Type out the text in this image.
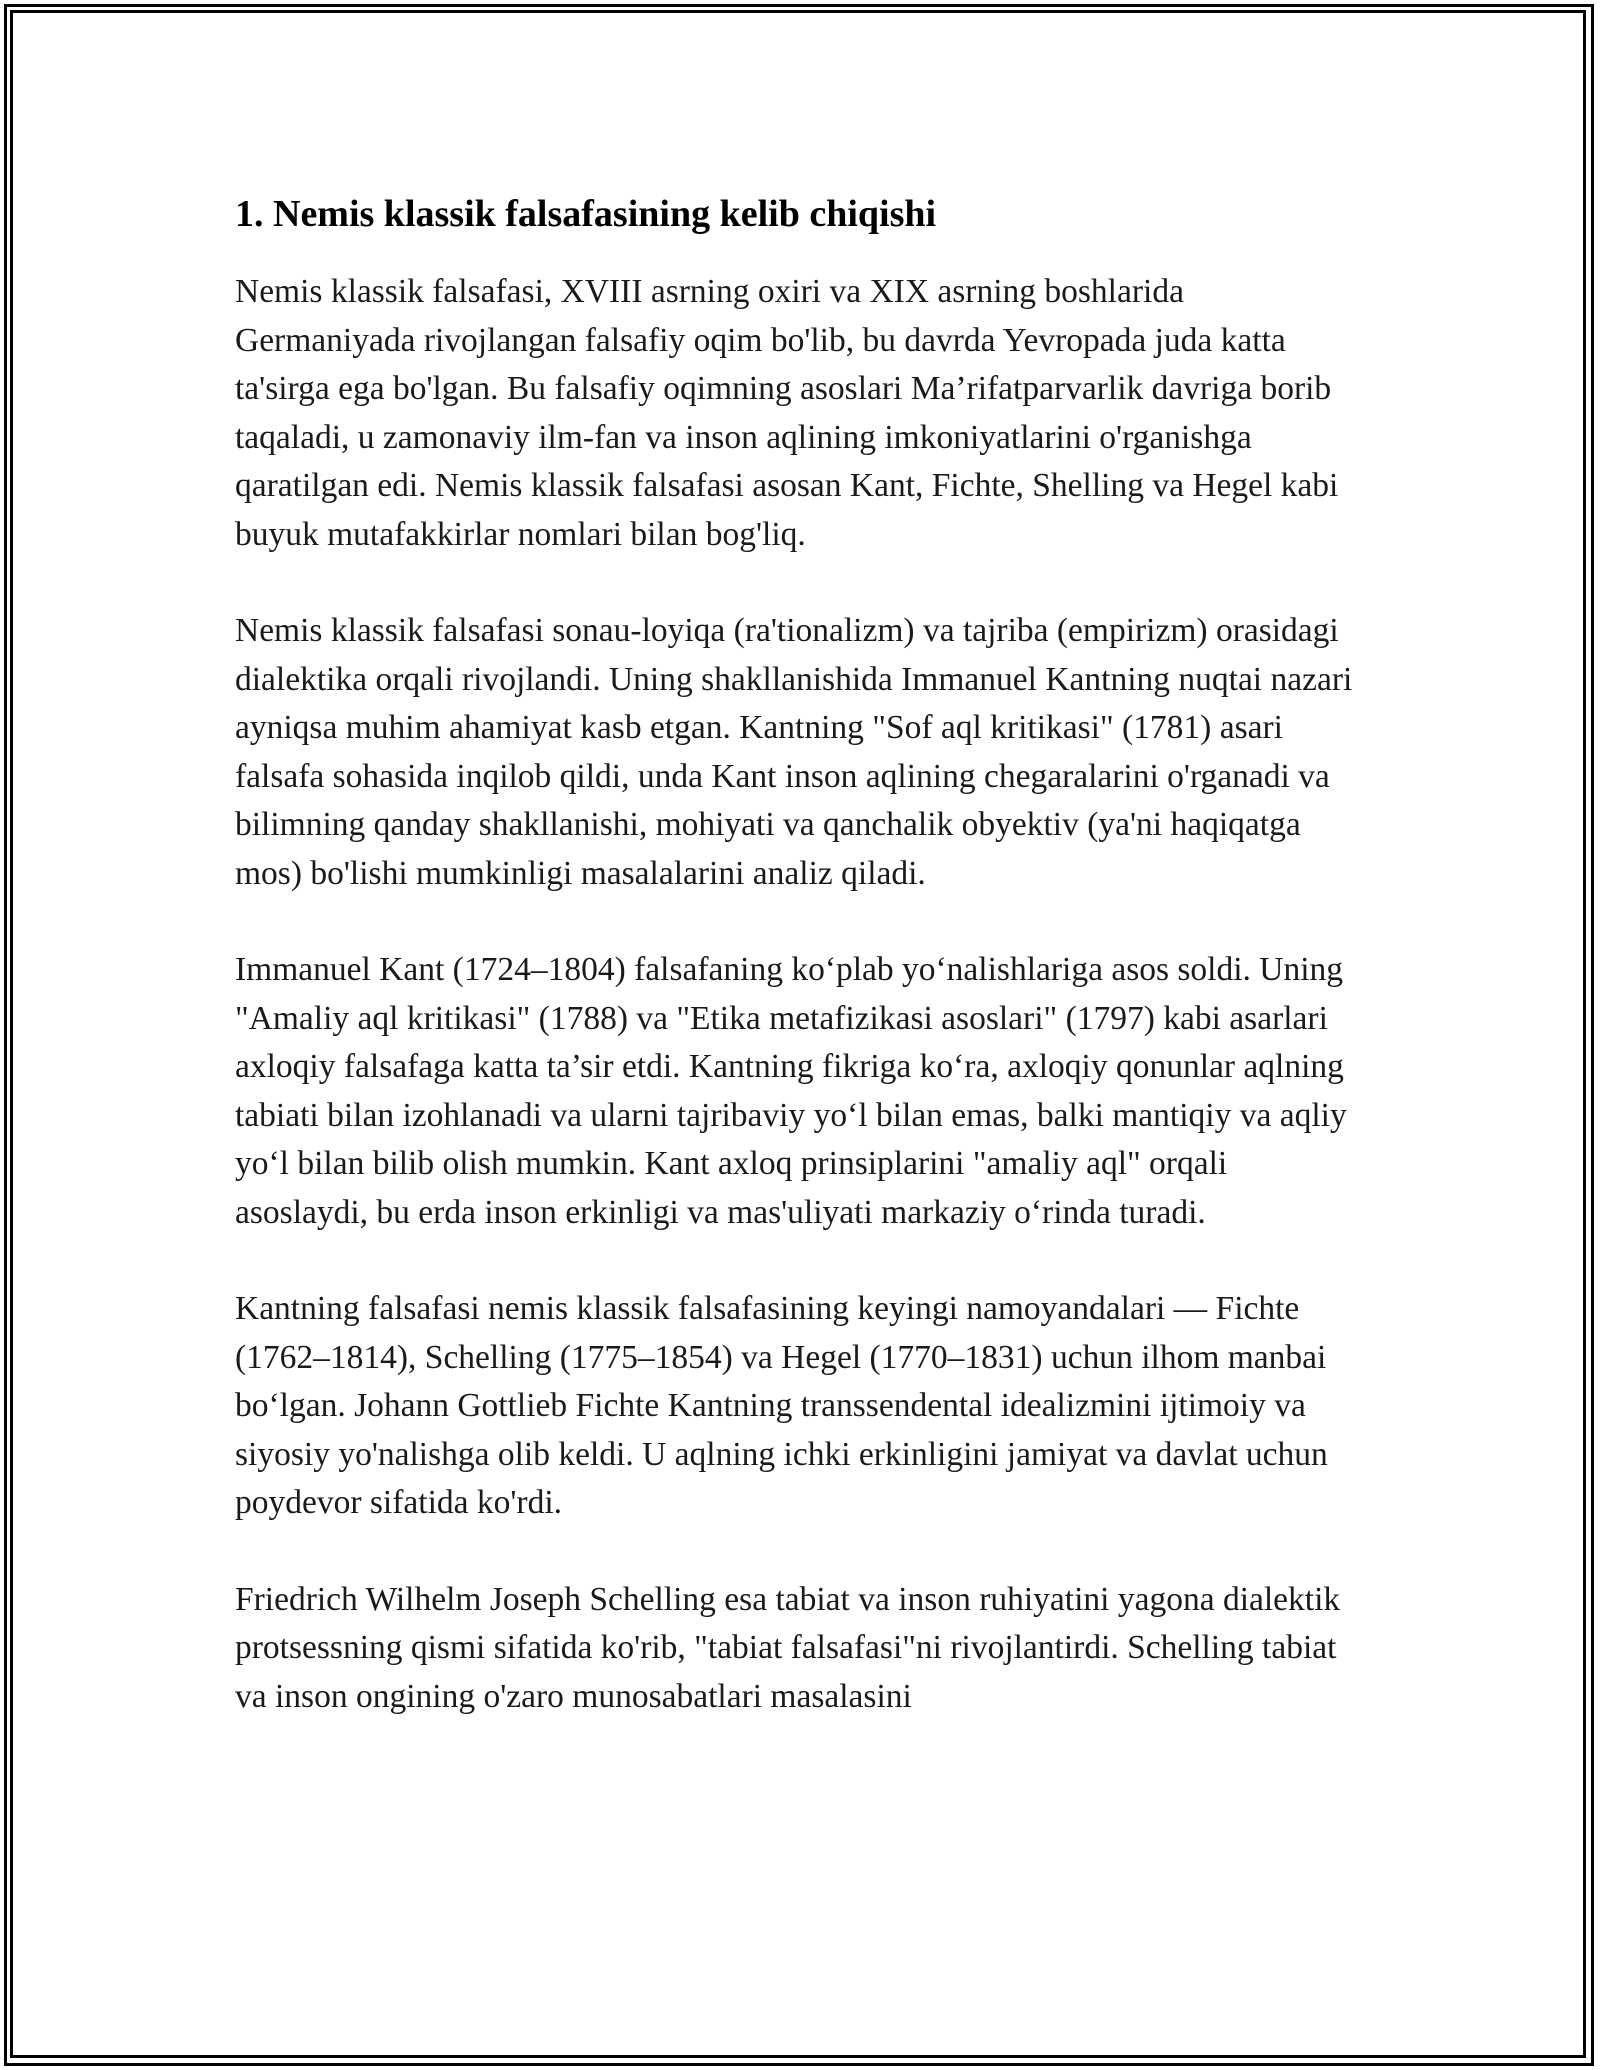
1. Nemis klassik falsafasining kelib chiqishi

Nemis klassik falsafasi, XVIII asrning oxiri va XIX asrning boshlarida Germaniyada rivojlangan falsafiy oqim bo'lib, bu davrda Yevropada juda katta ta'sirga ega bo'lgan. Bu falsafiy oqimning asoslari Ma’rifatparvarlik davriga borib taqaladi, u zamonaviy ilm-fan va inson aqlining imkoniyatlarini o'rganishga qaratilgan edi. Nemis klassik falsafasi asosan Kant, Fichte, Shelling va Hegel kabi buyuk mutafakkirlar nomlari bilan bog'liq.

Nemis klassik falsafasi sonau-loyiqa (ra'tionalizm) va tajriba (empirizm) orasidagi dialektika orqali rivojlandi. Uning shakllanishida Immanuel Kantning nuqtai nazari ayniqsa muhim ahamiyat kasb etgan. Kantning "Sof aql kritikasi" (1781) asari falsafa sohasida inqilob qildi, unda Kant inson aqlining chegaralarini o'rganadi va bilimning qanday shakllanishi, mohiyati va qanchalik obyektiv (ya'ni haqiqatga mos) bo'lishi mumkinligi masalalarini analiz qiladi.

Immanuel Kant (1724–1804) falsafaning ko‘plab yo‘nalishlariga asos soldi. Uning "Amaliy aql kritikasi" (1788) va "Etika metafizikasi asoslari" (1797) kabi asarlari axloqiy falsafaga katta ta’sir etdi. Kantning fikriga ko‘ra, axloqiy qonunlar aqlning tabiati bilan izohlanadi va ularni tajribaviy yo‘l bilan emas, balki mantiqiy va aqliy yo‘l bilan bilib olish mumkin. Kant axloq prinsiplarini "amaliy aql" orqali asoslaydi, bu erda inson erkinligi va mas'uliyati markaziy o‘rinda turadi.

Kantning falsafasi nemis klassik falsafasining keyingi namoyandalari — Fichte (1762–1814), Schelling (1775–1854) va Hegel (1770–1831) uchun ilhom manbai bo‘lgan. Johann Gottlieb Fichte Kantning transsendental idealizmini ijtimoiy va siyosiy yo'nalishga olib keldi. U aqlning ichki erkinligini jamiyat va davlat uchun poydevor sifatida ko'rdi.

Friedrich Wilhelm Joseph Schelling esa tabiat va inson ruhiyatini yagona dialektik protsessning qismi sifatida ko'rib, "tabiat falsafasi"ni rivojlantirdi. Schelling tabiat va inson ongining o'zaro munosabatlari masalasini
